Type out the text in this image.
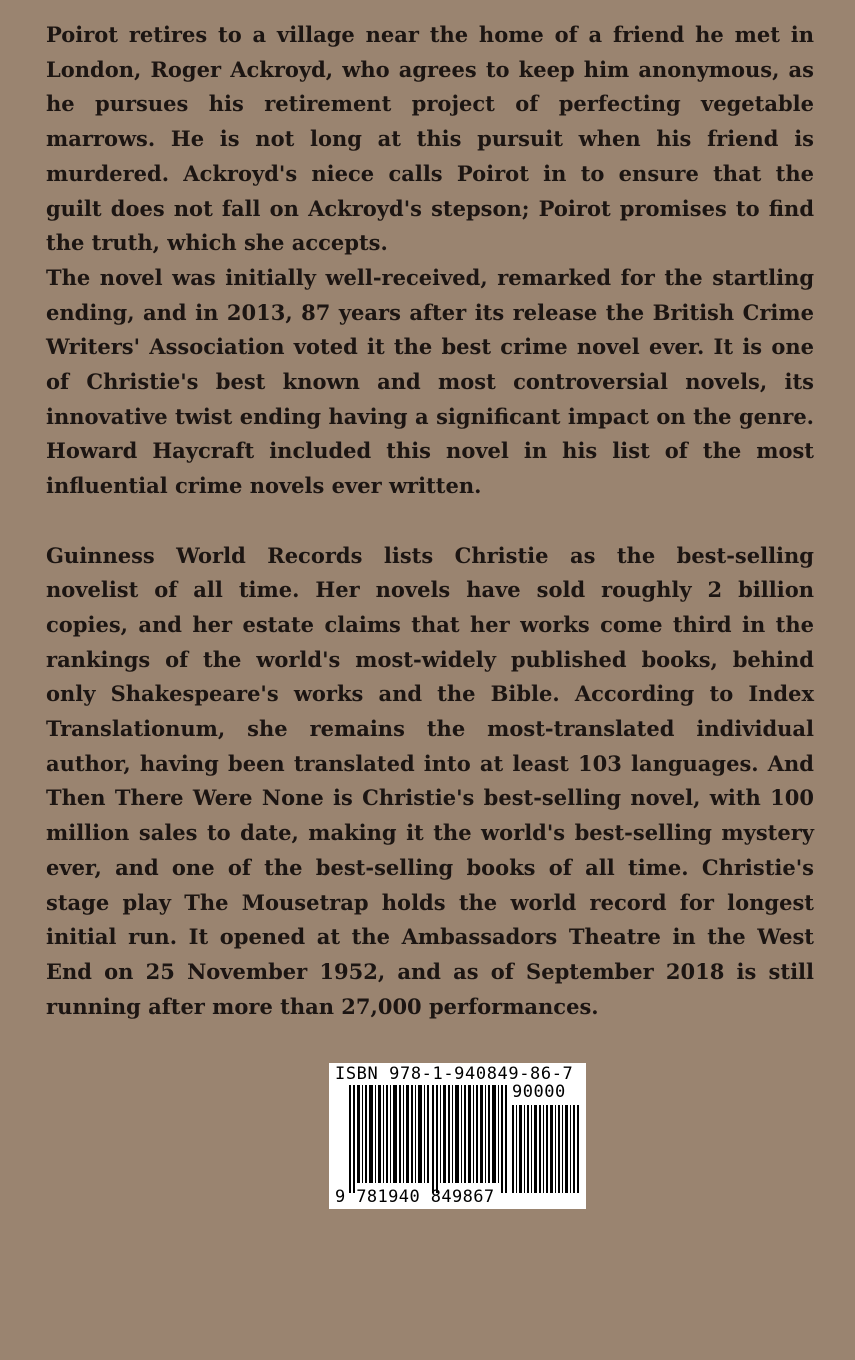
Poirot retires to a village near the home of a friend he met in London, Roger Ackroyd, who agrees to keep him anonymous, as he pursues his retirement project of perfecting vegetable marrows. He is not long at this pursuit when his friend is murdered. Ackroyd's niece calls Poirot in to ensure that the guilt does not fall on Ackroyd's stepson; Poirot promises to find the truth, which she accepts.

The novel was initially well-received, remarked for the startling ending, and in 2013, 87 years after its release the British Crime Writers' Association voted it the best crime novel ever. It is one of Christie's best known and most controversial novels, its innovative twist ending having a significant impact on the genre. Howard Haycraft included this novel in his list of the most influential crime novels ever written.

Guinness World Records lists Christie as the best-selling novelist of all time. Her novels have sold roughly 2 billion copies, and her estate claims that her works come third in the rankings of the world's most-widely published books, behind only Shakespeare's works and the Bible. According to Index Translationum, she remains the most-translated individual author, having been translated into at least 103 languages. And Then There Were None is Christie's best-selling novel, with 100 million sales to date, making it the world's best-selling mystery ever, and one of the best-selling books of all time. Christie's stage play The Mousetrap holds the world record for longest initial run. It opened at the Ambassadors Theatre in the West End on 25 November 1952, and as of September 2018 is still running after more than 27,000 performances.

ISBN 978-1-940849-86-7
90000
9 781940 849867
